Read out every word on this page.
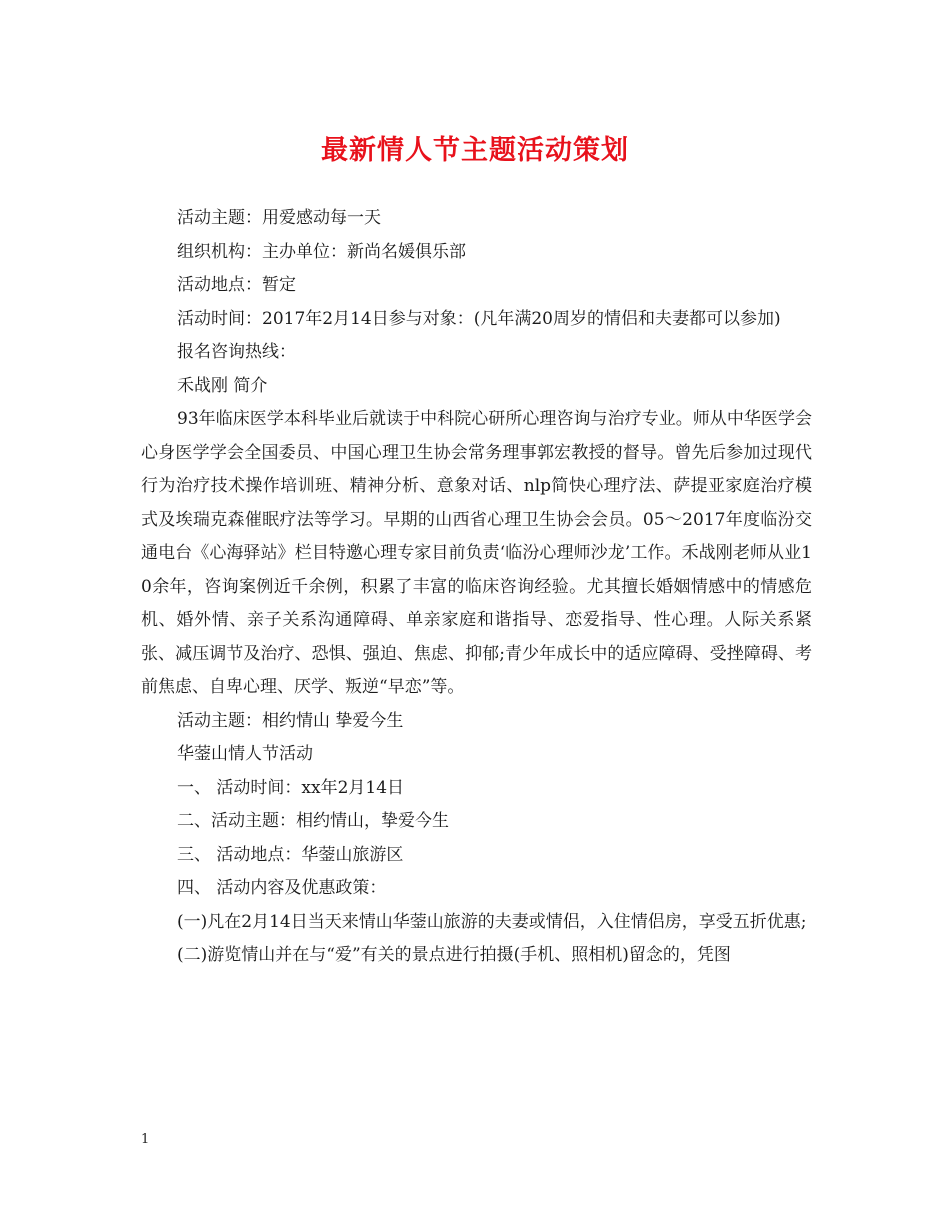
最新情人节主题活动策划

活动主题：用爱感动每一天

组织机构：主办单位：新尚名媛俱乐部

活动地点：暂定

活动时间：2017年2月14日参与对象：(凡年满20周岁的情侣和夫妻都可以参加)

报名咨询热线：

禾战刚 简介

93年临床医学本科毕业后就读于中科院心研所心理咨询与治疗专业。师从中华医学会心身医学学会全国委员、中国心理卫生协会常务理事郭宏教授的督导。曾先后参加过现代行为治疗技术操作培训班、精神分析、意象对话、nlp简快心理疗法、萨提亚家庭治疗模式及埃瑞克森催眠疗法等学习。早期的山西省心理卫生协会会员。05～2017年度临汾交通电台《心海驿站》栏目特邀心理专家目前负责‘临汾心理师沙龙’工作。禾战刚老师从业10余年，咨询案例近千余例，积累了丰富的临床咨询经验。尤其擅长婚姻情感中的情感危机、婚外情、亲子关系沟通障碍、单亲家庭和谐指导、恋爱指导、性心理。人际关系紧张、减压调节及治疗、恐惧、强迫、焦虑、抑郁;青少年成长中的适应障碍、受挫障碍、考前焦虑、自卑心理、厌学、叛逆“早恋”等。

活动主题：相约情山 挚爱今生

华蓥山情人节活动

一、 活动时间：xx年2月14日

二、活动主题：相约情山，挚爱今生

三、 活动地点：华蓥山旅游区

四、 活动内容及优惠政策：

(一)凡在2月14日当天来情山华蓥山旅游的夫妻或情侣，入住情侣房，享受五折优惠;

(二)游览情山并在与“爱”有关的景点进行拍摄(手机、照相机)留念的，凭图

1
